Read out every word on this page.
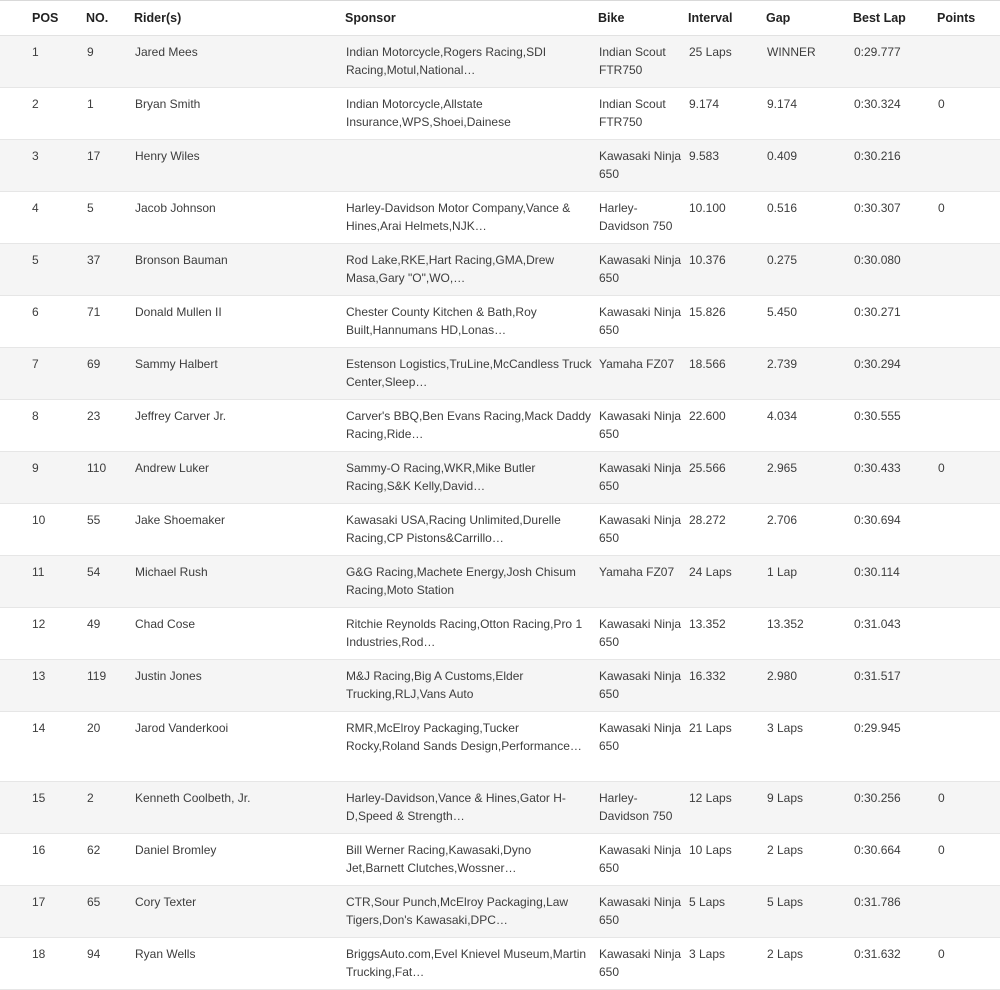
POS	NO.	Rider(s)	Sponsor	Bike	Interval	Gap	Best Lap	Points
1	9	Jared Mees	Indian Motorcycle,Rogers Racing,SDI Racing,Motul,National…	Indian Scout FTR750	25 Laps	WINNER	0:29.777	
2	1	Bryan Smith	Indian Motorcycle,Allstate Insurance,WPS,Shoei,Dainese	Indian Scout FTR750	9.174	9.174	0:30.324	0
3	17	Henry Wiles		Kawasaki Ninja 650	9.583	0.409	0:30.216	
4	5	Jacob Johnson	Harley-Davidson Motor Company,Vance & Hines,Arai Helmets,NJK…	Harley-Davidson 750	10.100	0.516	0:30.307	0
5	37	Bronson Bauman	Rod Lake,RKE,Hart Racing,GMA,Drew Masa,Gary "O",WO,…	Kawasaki Ninja 650	10.376	0.275	0:30.080	
6	71	Donald Mullen II	Chester County Kitchen & Bath,Roy Built,Hannumans HD,Lonas…	Kawasaki Ninja 650	15.826	5.450	0:30.271	
7	69	Sammy Halbert	Estenson Logistics,TruLine,McCandless Truck Center,Sleep…	Yamaha FZ07	18.566	2.739	0:30.294	
8	23	Jeffrey Carver Jr.	Carver's BBQ,Ben Evans Racing,Mack Daddy Racing,Ride…	Kawasaki Ninja 650	22.600	4.034	0:30.555	
9	110	Andrew Luker	Sammy-O Racing,WKR,Mike Butler Racing,S&K Kelly,David…	Kawasaki Ninja 650	25.566	2.965	0:30.433	0
10	55	Jake Shoemaker	Kawasaki USA,Racing Unlimited,Durelle Racing,CP Pistons&Carrillo…	Kawasaki Ninja 650	28.272	2.706	0:30.694	
11	54	Michael Rush	G&G Racing,Machete Energy,Josh Chisum Racing,Moto Station	Yamaha FZ07	24 Laps	1 Lap	0:30.114	
12	49	Chad Cose	Ritchie Reynolds Racing,Otton Racing,Pro 1 Industries,Rod…	Kawasaki Ninja 650	13.352	13.352	0:31.043	
13	119	Justin Jones	M&J Racing,Big A Customs,Elder Trucking,RLJ,Vans Auto	Kawasaki Ninja 650	16.332	2.980	0:31.517	
14	20	Jarod Vanderkooi	RMR,McElroy Packaging,Tucker Rocky,Roland Sands Design,Performance…	Kawasaki Ninja 650	21 Laps	3 Laps	0:29.945	
15	2	Kenneth Coolbeth, Jr.	Harley-Davidson,Vance & Hines,Gator H-D,Speed & Strength…	Harley-Davidson 750	12 Laps	9 Laps	0:30.256	0
16	62	Daniel Bromley	Bill Werner Racing,Kawasaki,Dyno Jet,Barnett Clutches,Wossner…	Kawasaki Ninja 650	10 Laps	2 Laps	0:30.664	0
17	65	Cory Texter	CTR,Sour Punch,McElroy Packaging,Law Tigers,Don's Kawasaki,DPC…	Kawasaki Ninja 650	5 Laps	5 Laps	0:31.786	
18	94	Ryan Wells	BriggsAuto.com,Evel Knievel Museum,Martin Trucking,Fat…	Kawasaki Ninja 650	3 Laps	2 Laps	0:31.632	0
